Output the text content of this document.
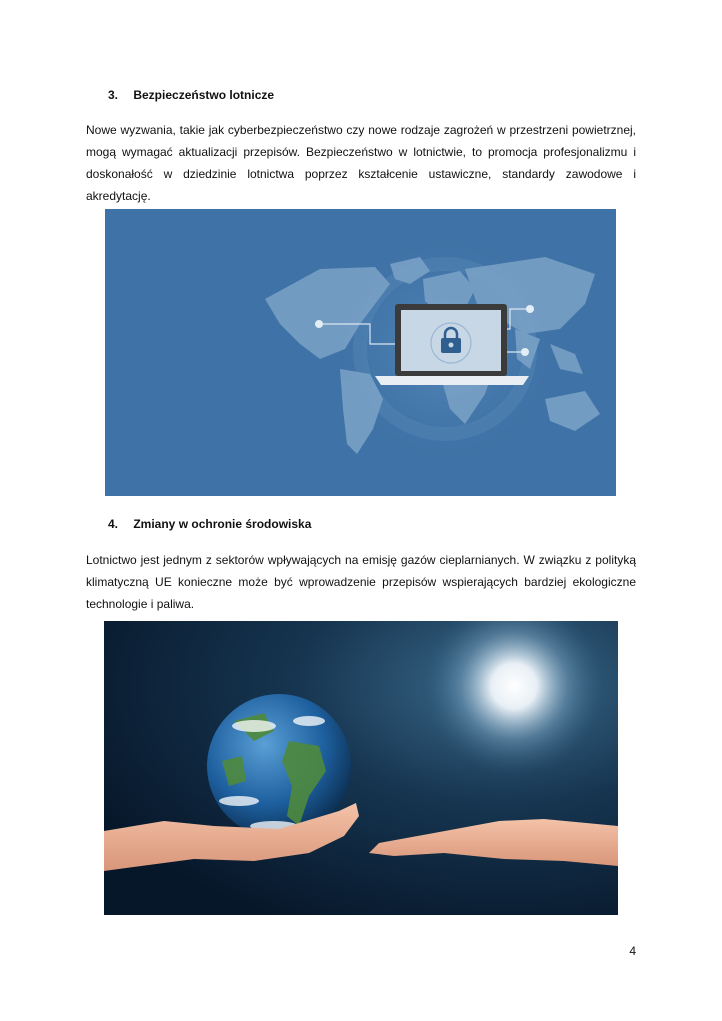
3. Bezpieczeństwo lotnicze
Nowe wyzwania, takie jak cyberbezpieczeństwo czy nowe rodzaje zagrożeń w przestrzeni powietrznej, mogą wymagać aktualizacji przepisów. Bezpieczeństwo w lotnictwie, to promocja profesjonalizmu i doskonałość w dziedzinie lotnictwa poprzez kształcenie ustawiczne, standardy zawodowe i akredytację.
4. Zmiany w ochronie środowiska
Lotnictwo jest jednym z sektorów wpływających na emisję gazów cieplarnianych. W związku z polityką klimatyczną UE konieczne może być wprowadzenie przepisów wspierających bardziej ekologiczne technologie i paliwa.
4
